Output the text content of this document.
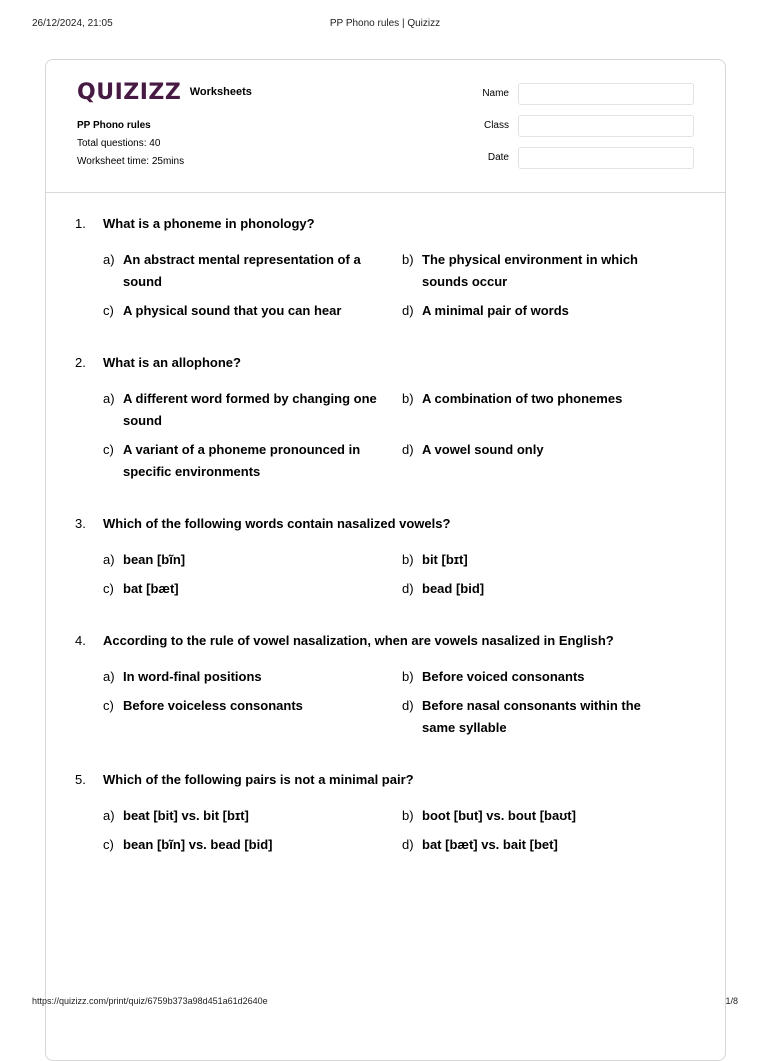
26/12/2024, 21:05	PP Phono rules | Quizizz
QUIZIZZ Worksheets
PP Phono rules
Total questions: 40
Worksheet time: 25mins
Name
Class
Date
1. What is a phoneme in phonology?
a) An abstract mental representation of a sound
b) The physical environment in which sounds occur
c) A physical sound that you can hear	d) A minimal pair of words
2. What is an allophone?
a) A different word formed by changing one sound
b) A combination of two phonemes
c) A variant of a phoneme pronounced in specific environments
d) A vowel sound only
3. Which of the following words contain nasalized vowels?
a) bean [bĩn]	b) bit [bɪt]
c) bat [bæt]	d) bead [bid]
4. According to the rule of vowel nasalization, when are vowels nasalized in English?
a) In word-final positions	b) Before voiced consonants
c) Before voiceless consonants	d) Before nasal consonants within the same syllable
5. Which of the following pairs is not a minimal pair?
a) beat [bit] vs. bit [bɪt]	b) boot [but] vs. bout [baʊt]
c) bean [bĩn] vs. bead [bid]	d) bat [bæt] vs. bait [bet]
https://quizizz.com/print/quiz/6759b373a98d451a61d2640e	1/8
